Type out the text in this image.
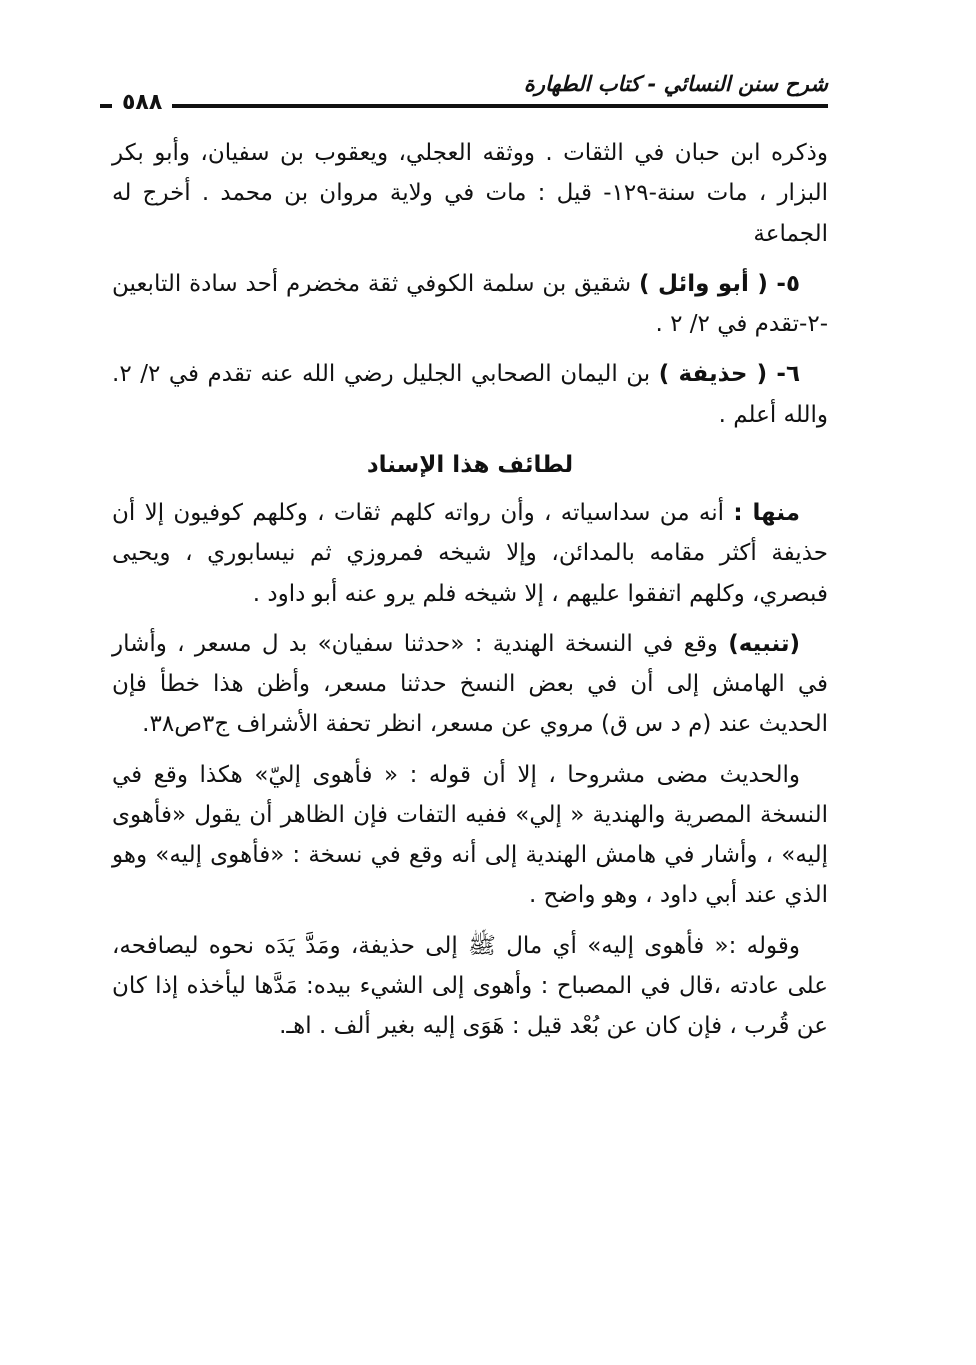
شرح سنن النسائي - كتاب الطهارة
٥٨٨

وذكره ابن حبان في الثقات . ووثقه العجلي، ويعقوب بن سفيان، وأبو بكر البزار ، مات سنة-١٢٩- قيل : مات في ولاية مروان بن محمد . أخرج له الجماعة

٥- ( أبو وائل ) شقيق بن سلمة الكوفي ثقة مخضرم أحد سادة التابعين -٢-تقدم في ٢/ ٢ .

٦- ( حذيفة ) بن اليمان الصحابي الجليل رضي الله عنه تقدم في ٢/ ٢. والله أعلم .

لطائف هذا الإسناد

منها : أنه من سداسياته ، وأن رواته كلهم ثقات ، وكلهم كوفيون إلا أن حذيفة أكثر مقامه بالمدائن، وإلا شيخه فمروزي ثم نيسابوري ، ويحيى فبصري، وكلهم اتفقوا عليهم ، إلا شيخه فلم يرو عنه أبو داود .

(تنبيه) وقع في النسخة الهندية : «حدثنا سفيان» بد ل مسعر ، وأشار في الهامش إلى أن في بعض النسخ حدثنا مسعر، وأظن هذا خطأ فإن الحديث عند (م د س ق) مروي عن مسعر، انظر تحفة الأشراف ج٣ص٣٨.

والحديث مضى مشروحا ، إلا أن قوله : « فأهوى إليّ» هكذا وقع في النسخة المصرية والهندية « إلي» ففيه التفات فإن الظاهر أن يقول «فأهوى إليه» ، وأشار في هامش الهندية إلى أنه وقع في نسخة : «فأهوى إليه» وهو الذي عند أبي داود ، وهو واضح .

وقوله :« فأهوى إليه» أي مال ﷺ إلى حذيفة، ومَدَّ يَدَه نحوه ليصافحه، على عادته ،قال في المصباح : وأهوى إلى الشيء بيده: مَدَّها ليأخذه إذا كان عن قُرب ، فإن كان عن بُعْد قيل : هَوَى إليه بغير ألف . اهـ.
